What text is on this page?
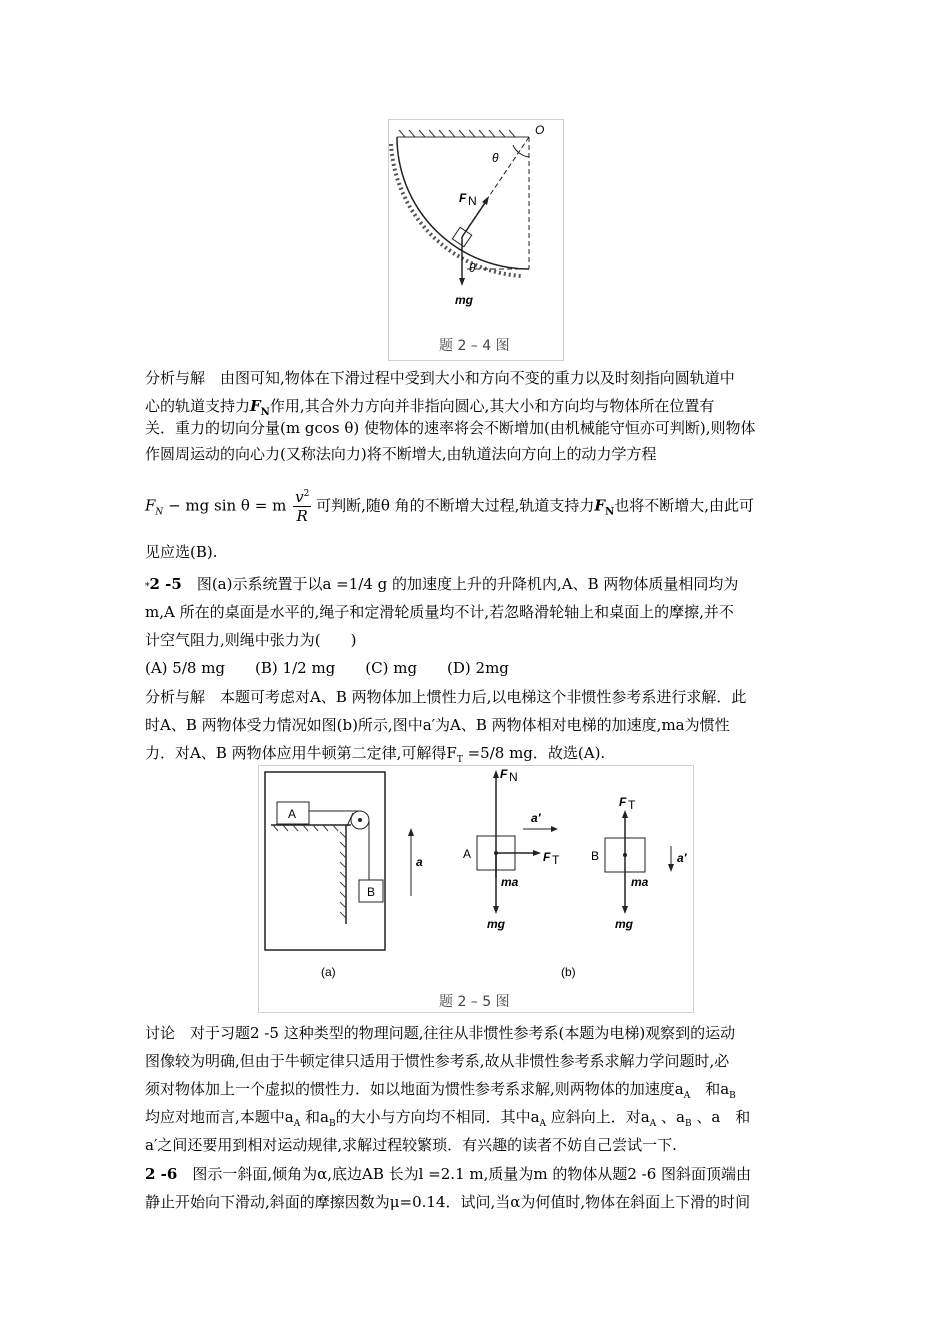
O
θ
F N
θ
mg
题 2 – 4 图
分析与解　由图可知,物体在下滑过程中受到大小和方向不变的重力以及时刻指向圆轨道中
心的轨道支持力$F_N$作用,其合外力方向并非指向圆心,其大小和方向均与物体所在位置有
关．重力的切向分量(m gcos θ) 使物体的速率将会不断增加(由机械能守恒亦可判断),则物体
作圆周运动的向心力(又称法向力)将不断增大,由轨道法向方向上的动力学方程
$F_N$ − mg sin θ = m $\frac{v^2}{R}$ 可判断,随θ 角的不断增大过程,轨道支持力$F_N$也将不断增大,由此可
见应选(B).
*2 -5　图(a)示系统置于以a =1/4 g 的加速度上升的升降机内,A、B 两物体质量相同均为
m,A 所在的桌面是水平的,绳子和定滑轮质量均不计,若忽略滑轮轴上和桌面上的摩擦,并不
计空气阻力,则绳中张力为(　　)
(A) 5/8 mg　　(B) 1/2 mg　　(C) mg　　(D) 2mg
分析与解　本题可考虑对A、B 两物体加上惯性力后,以电梯这个非惯性参考系进行求解．此
时A、B 两物体受力情况如图(b)所示,图中a′为A、B 两物体相对电梯的加速度,ma为惯性
力．对A、B 两物体应用牛顿第二定律,可解得$F_T =5/8$ mg．故选(A).
A
B
a
(a)
F N
a′
A	F T
ma
mg
F T
B	a′
ma
mg
(b)
题 2 – 5 图
讨论　对于习题2 -5 这种类型的物理问题,往往从非惯性参考系(本题为电梯)观察到的运动
图像较为明确,但由于牛顿定律只适用于惯性参考系,故从非惯性参考系求解力学问题时,必
须对物体加上一个虚拟的惯性力．如以地面为惯性参考系求解,则两物体的加速度$a_A$　和$a_B$
均应对地而言,本题中$a_A$ 和$a_B$的大小与方向均不相同．其中$a_A$ 应斜向上．对$a_A$ 、$a_B$ 、a　和
a′之间还要用到相对运动规律,求解过程较繁琐．有兴趣的读者不妨自己尝试一下.
2 -6　图示一斜面,倾角为α,底边AB 长为l =2.1 m,质量为m 的物体从题2 -6 图斜面顶端由
静止开始向下滑动,斜面的摩擦因数为μ=0.14．试问,当α为何值时,物体在斜面上下滑的时间
